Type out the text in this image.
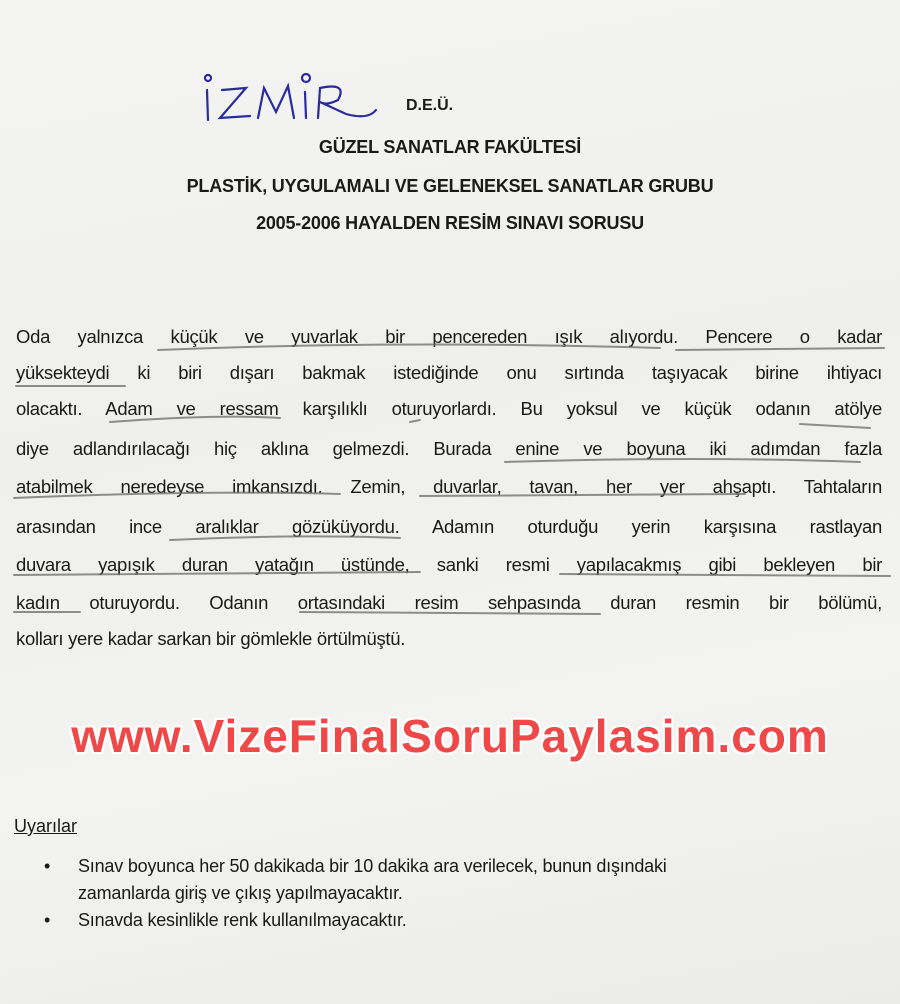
D.E.Ü.
GÜZEL SANATLAR FAKÜLTESİ
PLASTİK, UYGULAMALI VE GELENEKSEL SANATLAR GRUBU
2005-2006 HAYALDEN RESİM SINAVI SORUSU
Oda yalnızca küçük ve yuvarlak bir pencereden ışık alıyordu. Pencere o kadar
yüksekteydi ki biri dışarı bakmak istediğinde onu sırtında taşıyacak birine ihtiyacı
olacaktı. Adam ve ressam karşılıklı oturuyorlardı. Bu yoksul ve küçük odanın atölye
diye adlandırılacağı hiç aklına gelmezdi. Burada enine ve boyuna iki adımdan fazla
atabilmek neredeyse imkansızdı. Zemin, duvarlar, tavan, her yer ahşaptı. Tahtaların
arasından ince aralıklar gözüküyordu. Adamın oturduğu yerin karşısına rastlayan
duvara yapışık duran yatağın üstünde, sanki resmi yapılacakmış gibi bekleyen bir
kadın oturuyordu. Odanın ortasındaki resim sehpasında duran resmin bir bölümü,
kolları yere kadar sarkan bir gömlekle örtülmüştü.
www.VizeFinalSoruPaylasim.com
Uyarılar
• Sınav boyunca her 50 dakikada bir 10 dakika ara verilecek, bunun dışındaki
zamanlarda giriş ve çıkış yapılmayacaktır.
• Sınavda kesinlikle renk kullanılmayacaktır.
